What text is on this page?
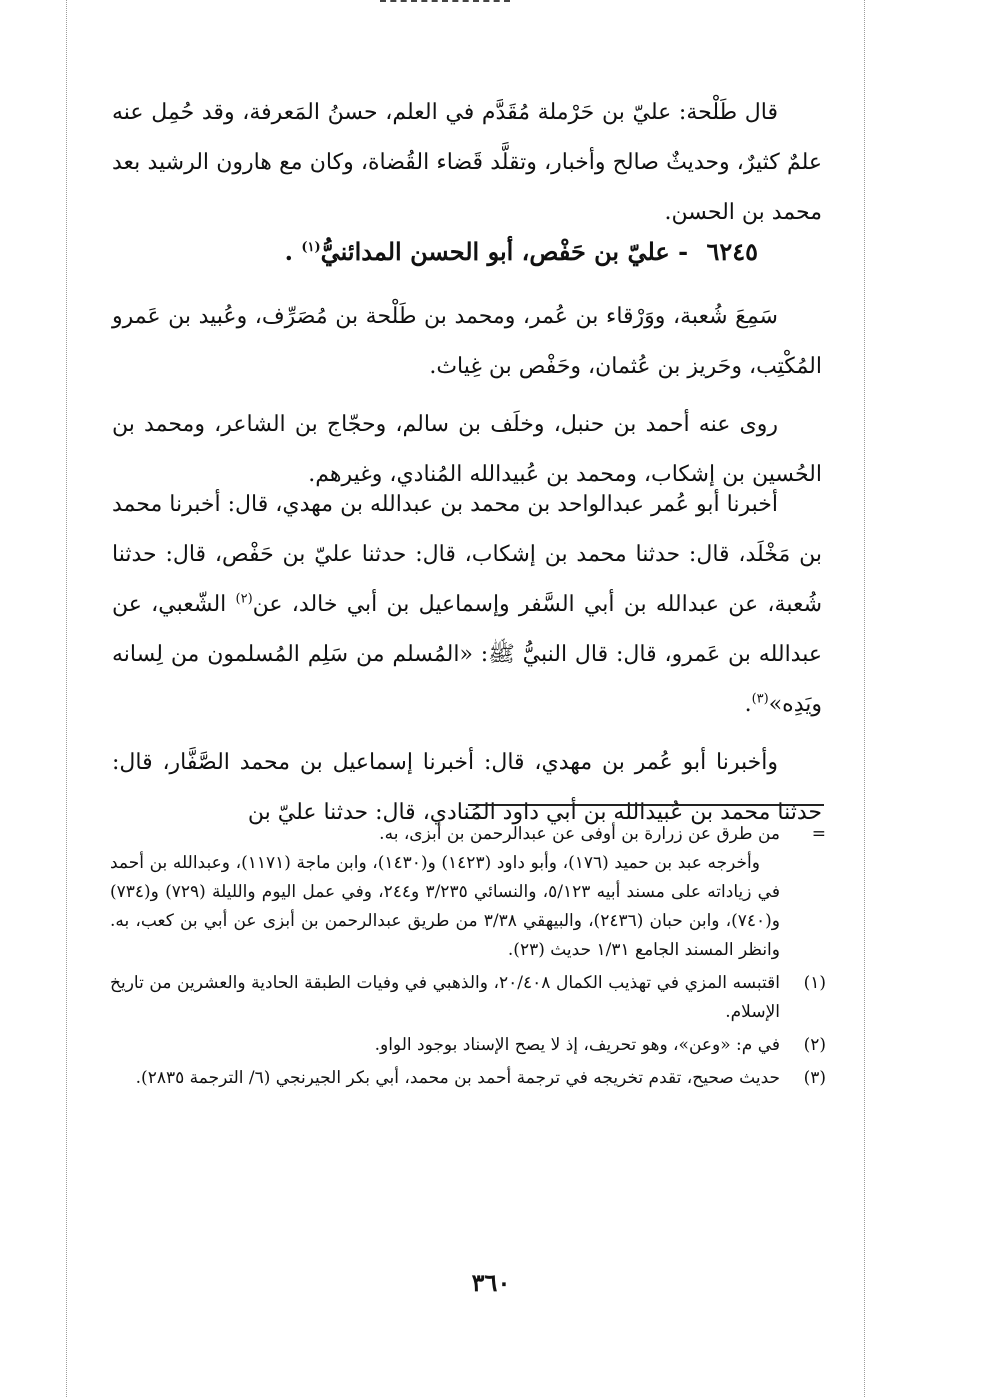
قال طَلْحة: عليّ بن حَرْملة مُقَدَّم في العلم، حسنُ المَعرفة، وقد حُمِل عنه علمٌ كثيرٌ، وحديثٌ صالح وأخبار، وتقلَّد قَضاء القُضاة، وكان مع هارون الرشيد بعد محمد بن الحسن.

٦٢٤٥ - عليّ بن حَفْص، أبو الحسن المدائنيُّ$^{(١)}$ .

سَمِعَ شُعبة، ووَرْقاء بن عُمر، ومحمد بن طَلْحة بن مُصَرِّف، وعُبيد بن عَمرو المُكْتِب، وحَريز بن عُثمان، وحَفْص بن غِياث.

روى عنه أحمد بن حنبل، وخلَف بن سالم، وحجّاج بن الشاعر، ومحمد بن الحُسين بن إشكاب، ومحمد بن عُبيدالله المُنادي، وغيرهم.

أخبرنا أبو عُمر عبدالواحد بن محمد بن عبدالله بن مهدي، قال: أخبرنا محمد بن مَخْلَد، قال: حدثنا محمد بن إشكاب، قال: حدثنا عليّ بن حَفْص، قال: حدثنا شُعبة، عن عبدالله بن أبي السَّفر وإسماعيل بن أبي خالد، عن$^{(٢)}$ الشّعبي، عن عبدالله بن عَمرو، قال: قال النبيُّ ﷺ: «المُسلم من سَلِم المُسلمون من لِسانه ويَدِه»$^{(٣)}$.

وأخبرنا أبو عُمر بن مهدي، قال: أخبرنا إسماعيل بن محمد الصَّفَّار، قال: حدثنا محمد بن عُبيدالله بن أبي داود المُنادي، قال: حدثنا عليّ بن

=

من طرق عن زرارة بن أوفى عن عبدالرحمن بن أبزى، به.

وأخرجه عبد بن حميد (١٧٦)، وأبو داود (١٤٢٣) و(١٤٣٠)، وابن ماجة (١١٧١)، وعبدالله بن أحمد في زياداته على مسند أبيه ٥/١٢٣، والنسائي ٣/٢٣٥ و٢٤٤، وفي عمل اليوم والليلة (٧٢٩) و(٧٣٤) و(٧٤٠)، وابن حبان (٢٤٣٦)، والبيهقي ٣/٣٨ من طريق عبدالرحمن بن أبزى عن أبي بن كعب، به. وانظر المسند الجامع ١/٣١ حديث (٢٣).

(١)
اقتبسه المزي في تهذيب الكمال ٢٠/٤٠٨، والذهبي في وفيات الطبقة الحادية والعشرين من تاريخ الإسلام.
(٢)
في م: «وعن»، وهو تحريف، إذ لا يصح الإسناد بوجود الواو.
(٣)
حديث صحيح، تقدم تخريجه في ترجمة أحمد بن محمد، أبي بكر الجيرنجي (٦/ الترجمة ٢٨٣٥).
٣٦٠
